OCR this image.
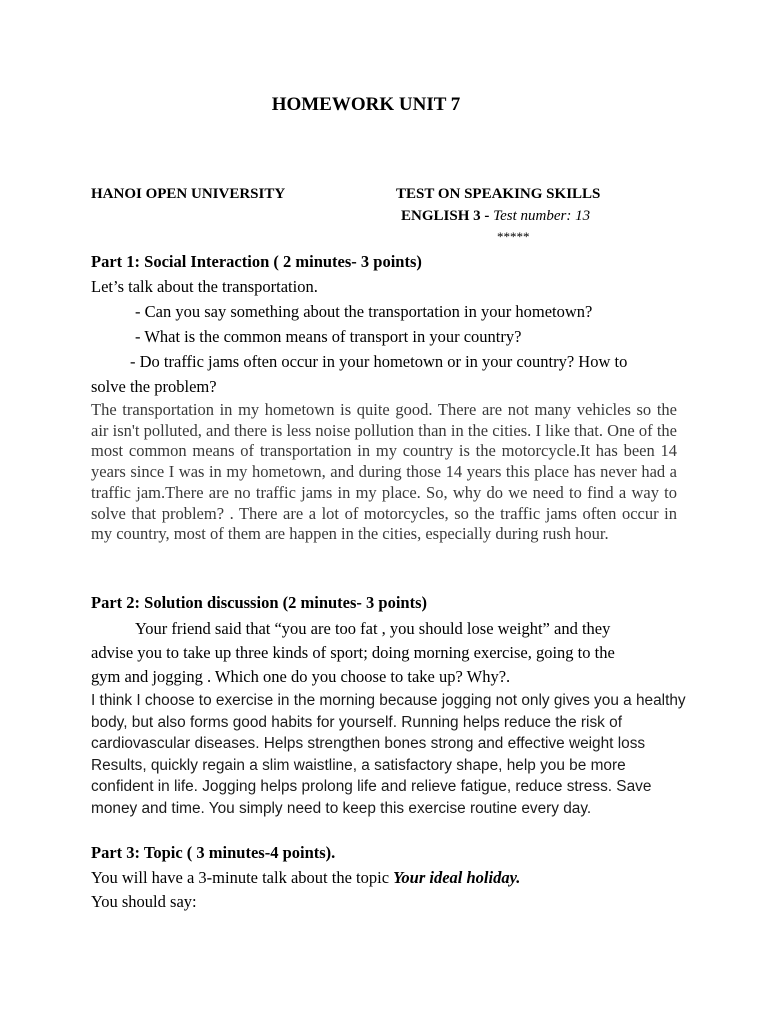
HOMEWORK UNIT 7
HANOI OPEN UNIVERSITY	TEST ON SPEAKING SKILLS
ENGLISH 3 - Test number: 13
*****
Part 1: Social Interaction ( 2 minutes- 3 points)
Let’s talk about the transportation.
- Can you say something about the transportation in your hometown?
- What is the common means of transport in your country?
- Do traffic jams often occur in your hometown or in your country? How to
solve the problem?
The transportation in my hometown is quite good. There are not many vehicles so the air isn't polluted, and there is less noise pollution than in the cities. I like that. One of the most common means of transportation in my country is the motorcycle.It has been 14 years since I was in my hometown, and during those 14 years this place has never had a traffic jam.There are no traffic jams in my place. So, why do we need to find a way to solve that problem? . There are a lot of motorcycles, so the traffic jams often occur in my country, most of them are happen in the cities, especially during rush hour.
Part 2: Solution discussion (2 minutes- 3 points)
Your friend said that “you are too fat , you should lose weight” and they
advise you to take up three kinds of sport; doing morning exercise, going to the
gym and jogging . Which one do you choose to take up? Why?.
I think I choose to exercise in the morning because jogging not only gives you a healthy body, but also forms good habits for yourself. Running helps reduce the risk of cardiovascular diseases. Helps strengthen bones strong and effective weight loss Results, quickly regain a slim waistline, a satisfactory shape, help you be more confident in life. Jogging helps prolong life and relieve fatigue, reduce stress. Save money and time. You simply need to keep this exercise routine every day.
Part 3: Topic ( 3 minutes-4 points).
You will have a 3-minute talk about the topic Your ideal holiday.
You should say:
